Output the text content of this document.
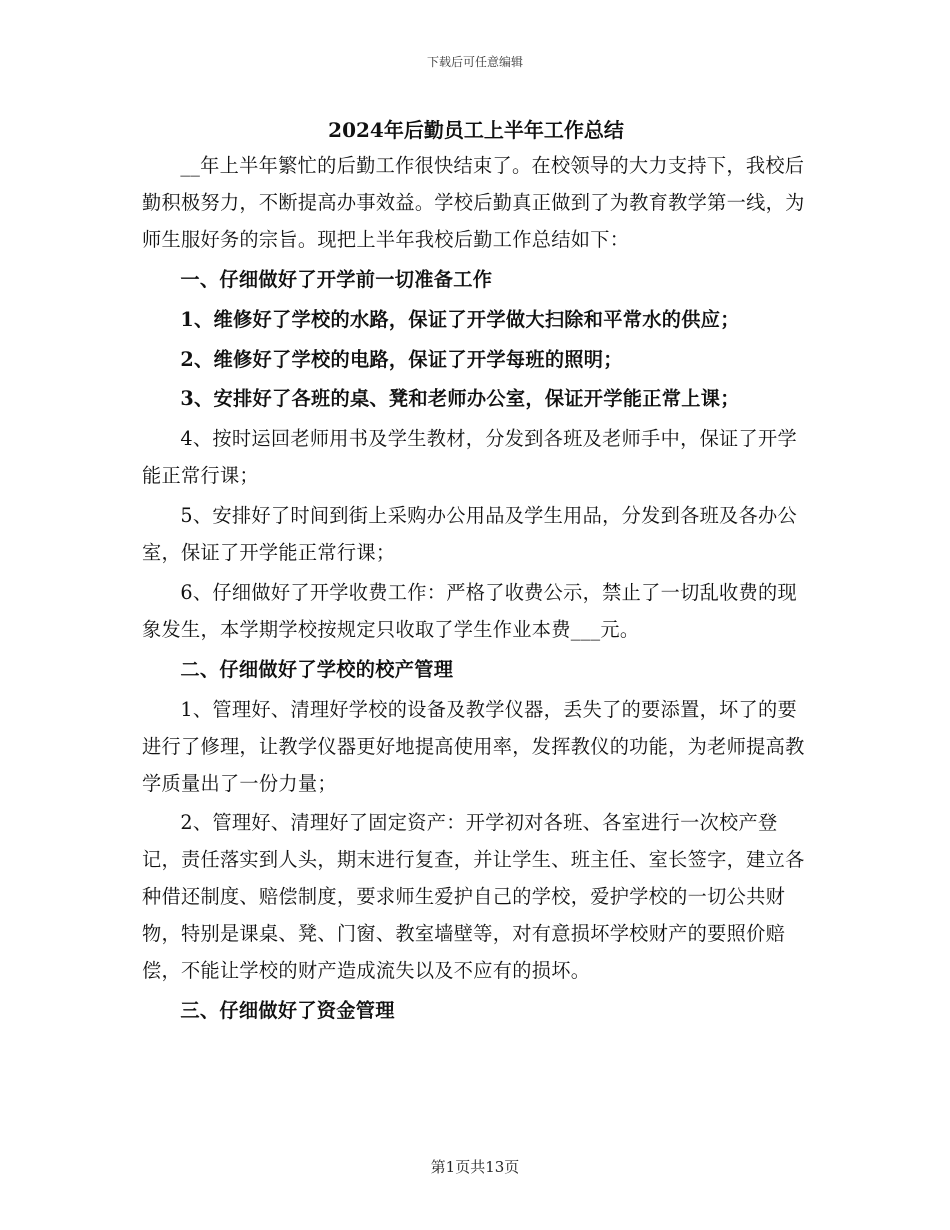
下载后可任意编辑
2024年后勤员工上半年工作总结

__年上半年繁忙的后勤工作很快结束了。在校领导的大力支持下，我校后勤积极努力，不断提高办事效益。学校后勤真正做到了为教育教学第一线，为师生服好务的宗旨。现把上半年我校后勤工作总结如下：

一、仔细做好了开学前一切准备工作

1、维修好了学校的水路，保证了开学做大扫除和平常水的供应；

2、维修好了学校的电路，保证了开学每班的照明；

3、安排好了各班的桌、凳和老师办公室，保证开学能正常上课；

4、按时运回老师用书及学生教材，分发到各班及老师手中，保证了开学能正常行课；

5、安排好了时间到街上采购办公用品及学生用品，分发到各班及各办公室，保证了开学能正常行课；

6、仔细做好了开学收费工作：严格了收费公示，禁止了一切乱收费的现象发生，本学期学校按规定只收取了学生作业本费___元。

二、仔细做好了学校的校产管理

1、管理好、清理好学校的设备及教学仪器，丢失了的要添置，坏了的要进行了修理，让教学仪器更好地提高使用率，发挥教仪的功能，为老师提高教学质量出了一份力量；

2、管理好、清理好了固定资产：开学初对各班、各室进行一次校产登记，责任落实到人头，期末进行复查，并让学生、班主任、室长签字，建立各种借还制度、赔偿制度，要求师生爱护自己的学校，爱护学校的一切公共财物，特别是课桌、凳、门窗、教室墙壁等，对有意损坏学校财产的要照价赔偿，不能让学校的财产造成流失以及不应有的损坏。

三、仔细做好了资金管理

第1页共13页
